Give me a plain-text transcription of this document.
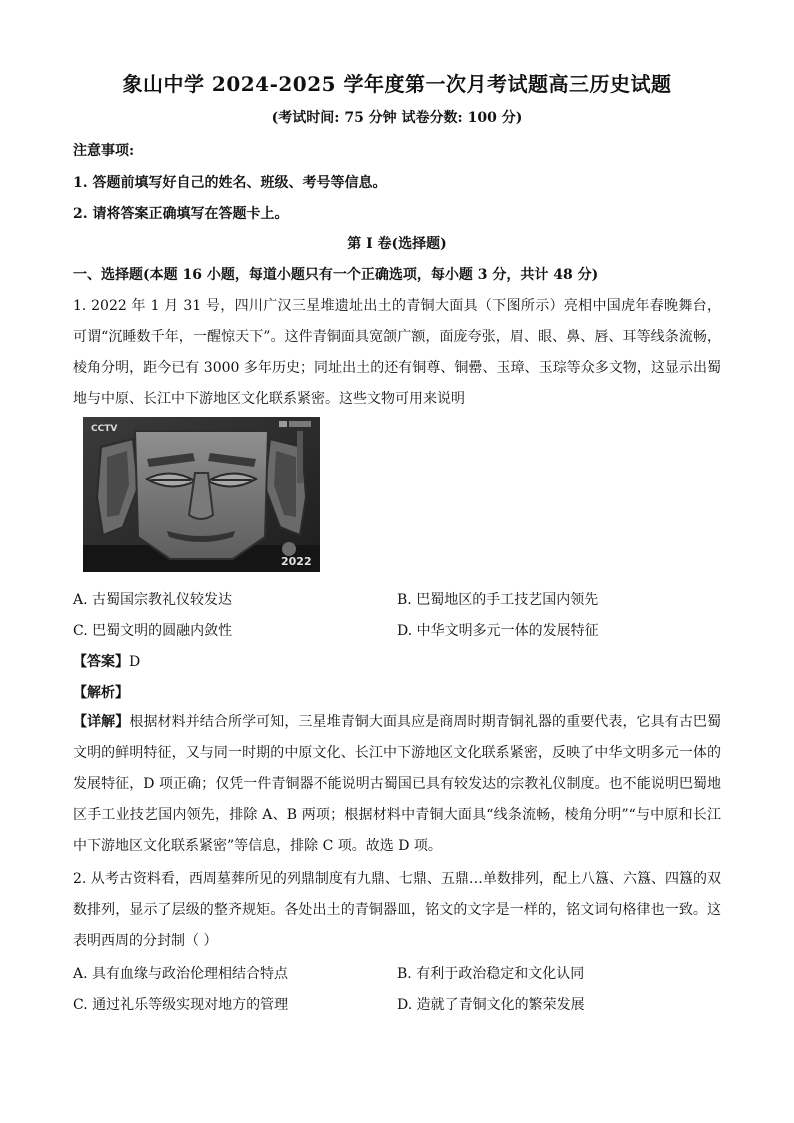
象山中学 2024-2025 学年度第一次月考试题高三历史试题
(考试时间: 75 分钟 试卷分数: 100 分)
注意事项:
1. 答题前填写好自己的姓名、班级、考号等信息。
2. 请将答案正确填写在答题卡上。
第 I 卷(选择题)
一、选择题(本题 16 小题，每道小题只有一个正确选项，每小题 3 分，共计 48 分)
1. 2022 年 1 月 31 号，四川广汉三星堆遗址出土的青铜大面具（下图所示）亮相中国虎年春晚舞台，可谓“沉睡数千年，一醒惊天下”。这件青铜面具宽颌广额，面庞夸张，眉、眼、鼻、唇、耳等线条流畅，棱角分明，距今已有 3000 多年历史；同址出土的还有铜尊、铜罍、玉璋、玉琮等众多文物，这显示出蜀地与中原、长江中下游地区文化联系紧密。这些文物可用来说明
CCTV
2022
A. 古蜀国宗教礼仪较发达	B. 巴蜀地区的手工技艺国内领先
C. 巴蜀文明的圆融内敛性	D. 中华文明多元一体的发展特征
【答案】D
【解析】
【详解】根据材料并结合所学可知，三星堆青铜大面具应是商周时期青铜礼器的重要代表，它具有古巴蜀文明的鲜明特征，又与同一时期的中原文化、长江中下游地区文化联系紧密，反映了中华文明多元一体的发展特征，D 项正确；仅凭一件青铜器不能说明古蜀国已具有较发达的宗教礼仪制度。也不能说明巴蜀地区手工业技艺国内领先，排除 A、B 两项；根据材料中青铜大面具“线条流畅，棱角分明”“与中原和长江中下游地区文化联系紧密”等信息，排除 C 项。故选 D 项。
2. 从考古资料看，西周墓葬所见的列鼎制度有九鼎、七鼎、五鼎…单数排列，配上八簋、六簋、四簋的双数排列，显示了层级的整齐规矩。各处出土的青铜器皿，铭文的文字是一样的，铭文词句格律也一致。这表明西周的分封制（ ）
A. 具有血缘与政治伦理相结合特点	B. 有利于政治稳定和文化认同
C. 通过礼乐等级实现对地方的管理	D. 造就了青铜文化的繁荣发展
